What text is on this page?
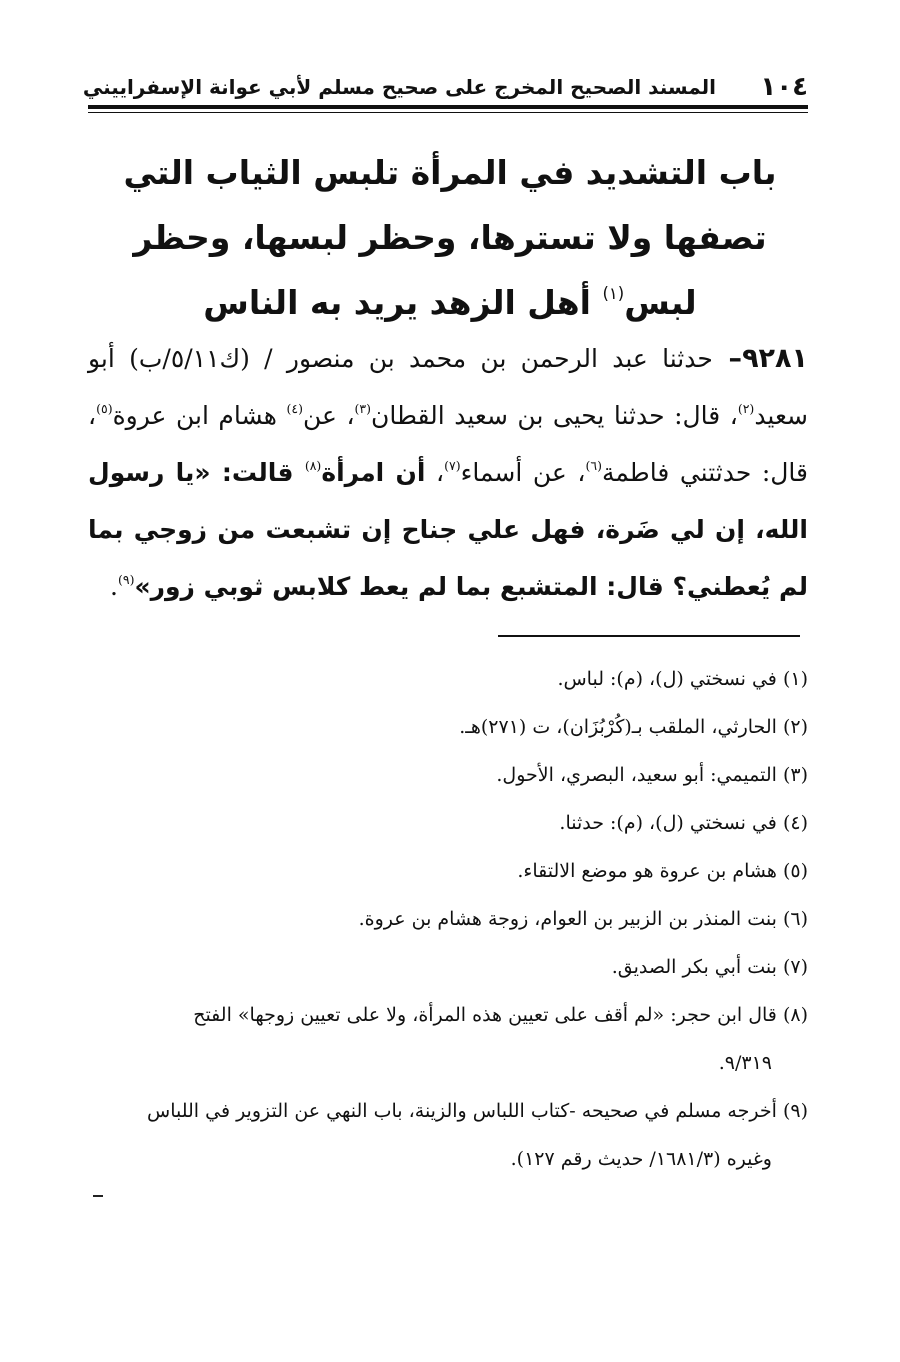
١٠٤
المسند الصحيح المخرج على صحيح مسلم لأبي عوانة الإسفراييني
باب التشديد في المرأة تلبس الثياب التي تصفها ولا تسترها، وحظر لبسها، وحظر لبس$^{(١)}$ أهل الزهد يريد به الناس
٩٢٨١– حدثنا عبد الرحمن بن محمد بن منصور / (ك٥/١١/ب) أبو سعيد$^{(٢)}$، قال: حدثنا يحيى بن سعيد القطان$^{(٣)}$، عن$^{(٤)}$ هشام ابن عروة$^{(٥)}$، قال: حدثتني فاطمة$^{(٦)}$، عن أسماء$^{(٧)}$، أن امرأة$^{(٨)}$ قالت: «يا رسول الله، إن لي ضَرة، فهل علي جناح إن تشبعت من زوجي بما لم يُعطني؟ قال: المتشبع بما لم يعط كلابس ثوبي زور»$^{(٩)}$.
(١) في نسختي (ل)، (م): لباس.
(٢) الحارثي، الملقب بـ(كُرْبُزَان)، ت (٢٧١)هـ.
(٣) التميمي: أبو سعيد، البصري، الأحول.
(٤) في نسختي (ل)، (م): حدثنا.
(٥) هشام بن عروة هو موضع الالتقاء.
(٦) بنت المنذر بن الزبير بن العوام، زوجة هشام بن عروة.
(٧) بنت أبي بكر الصديق.
(٨) قال ابن حجر: «لم أقف على تعيين هذه المرأة، ولا على تعيين زوجها» الفتح
٩/٣١٩.
(٩) أخرجه مسلم في صحيحه -كتاب اللباس والزينة، باب النهي عن التزوير في اللباس
وغيره (١٦٨١/٣/ حديث رقم ١٢٧).
